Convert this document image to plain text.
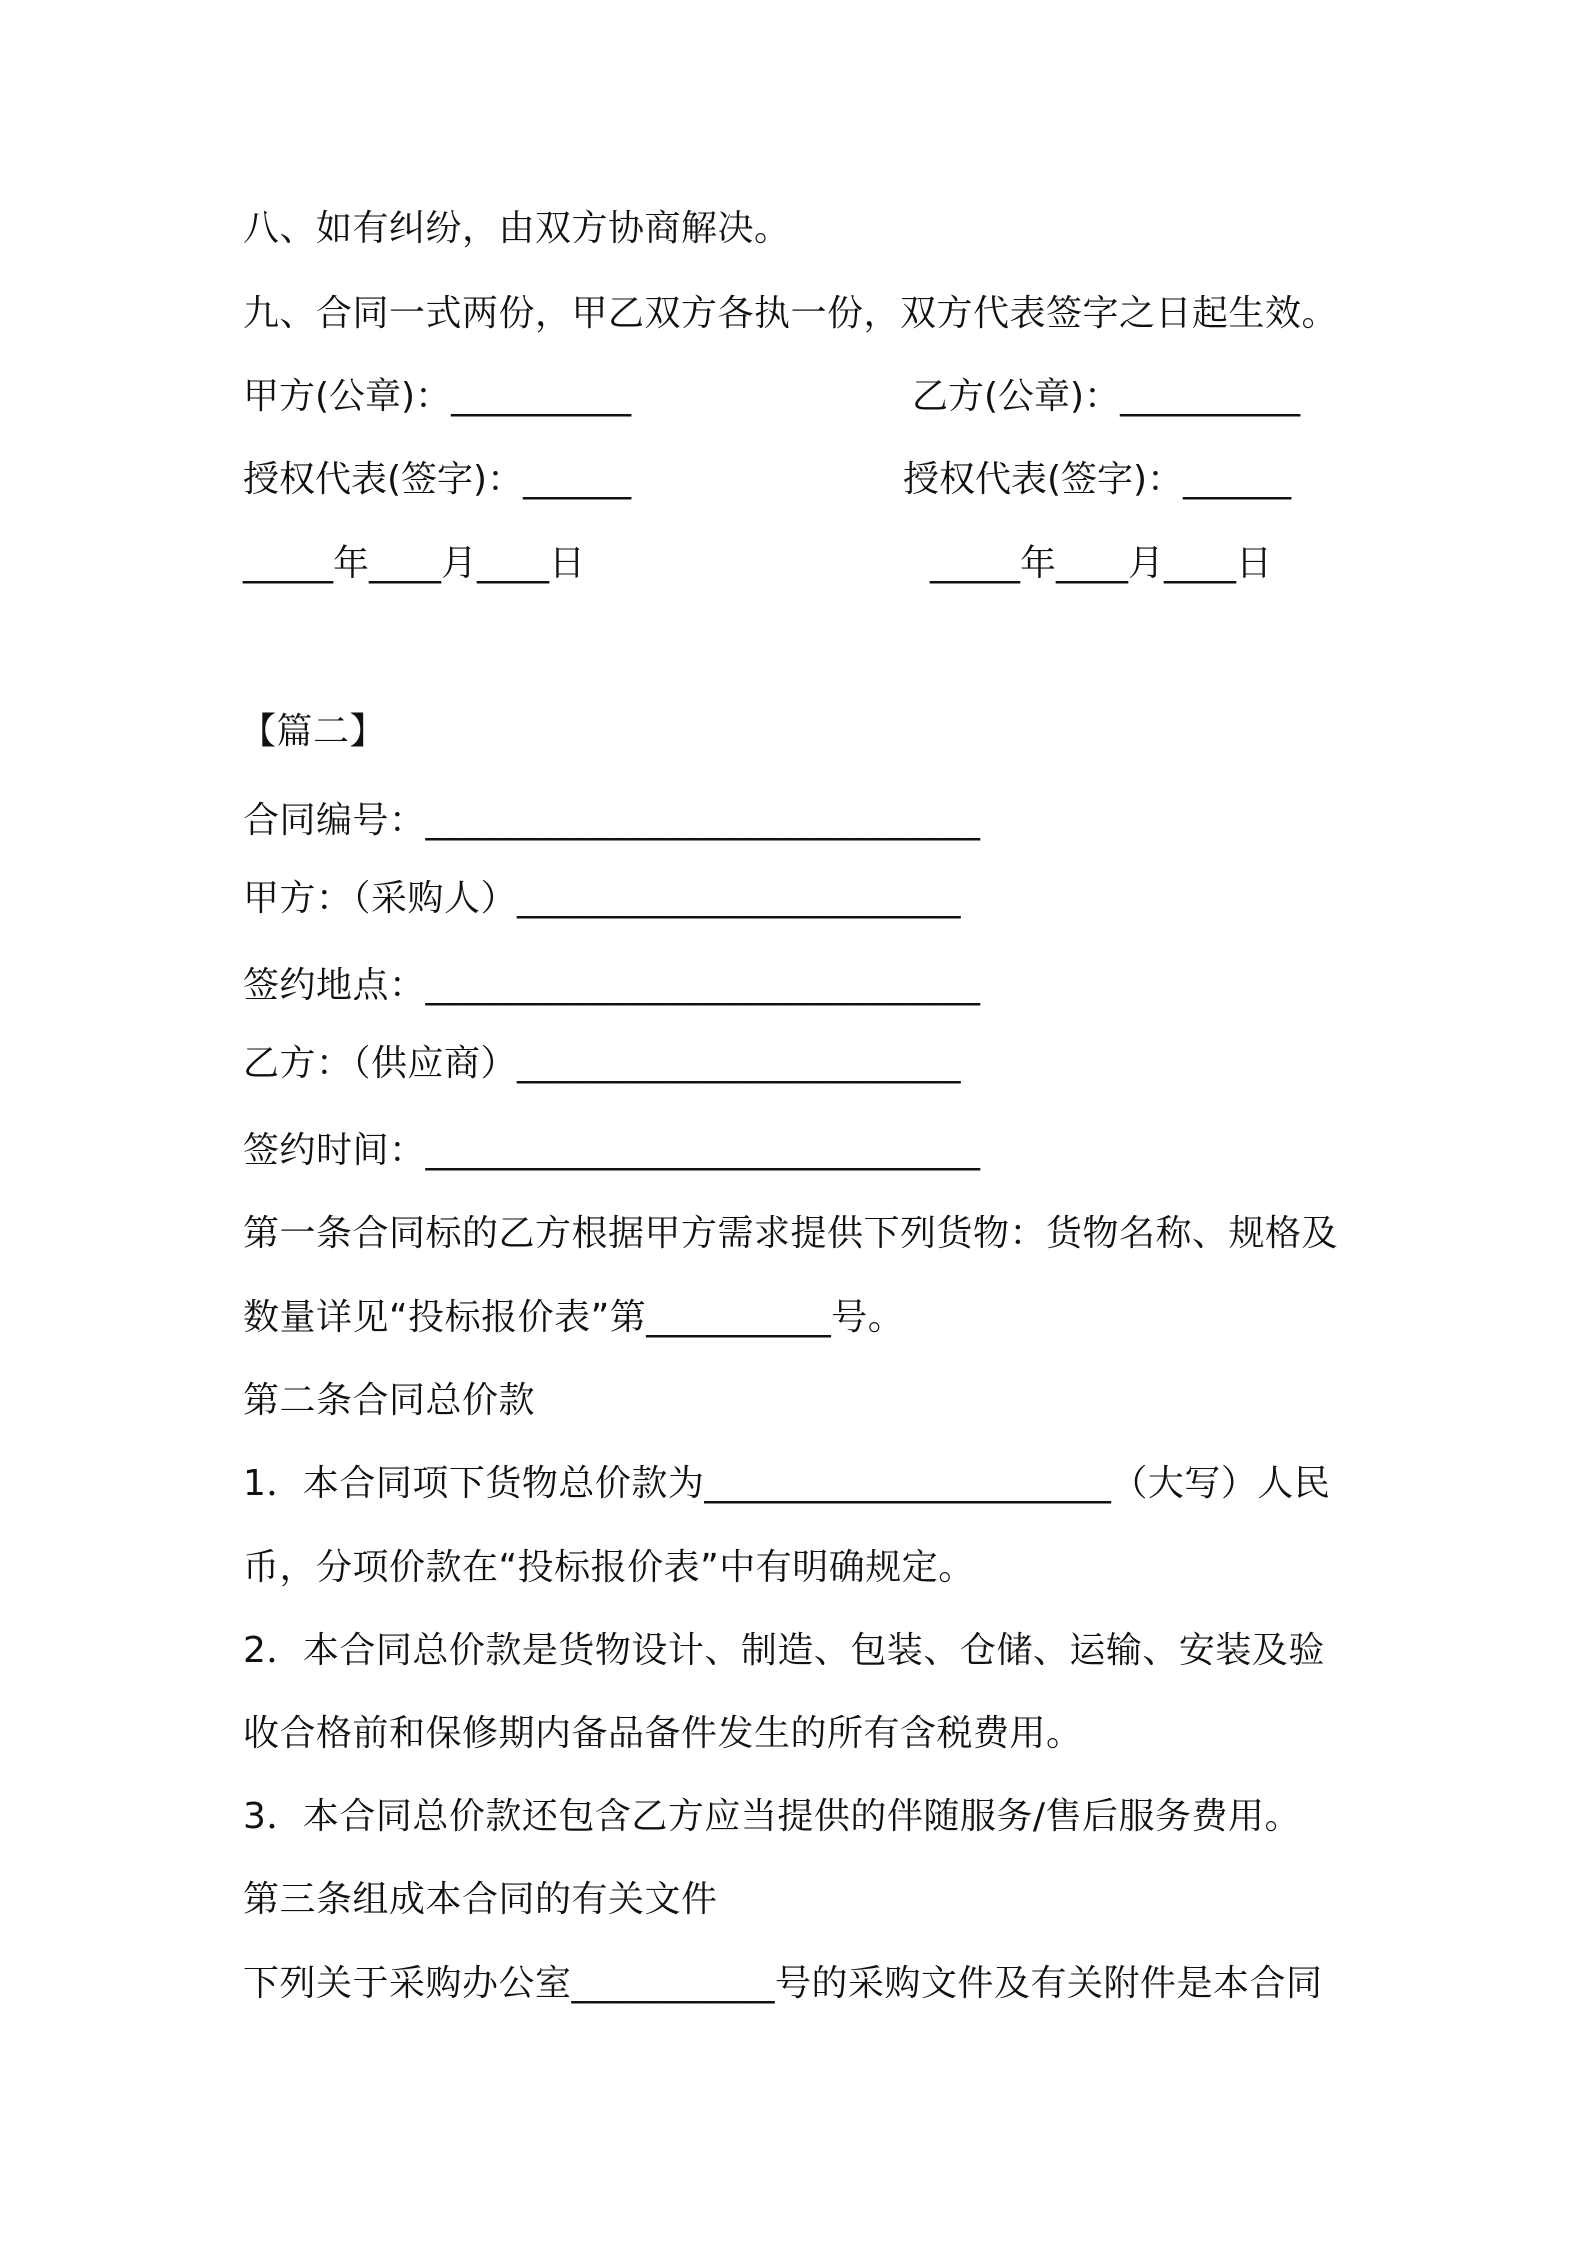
八、如有纠纷，由双方协商解决。
九、合同一式两份，甲乙双方各执一份，双方代表签字之日起生效。
甲方(公章)：__________	乙方(公章)：__________
授权代表(签字)：______	授权代表(签字)：______
_____年____月____日	_____年____月____日
【篇二】
合同编号：______________________________
甲方：（采购人）________________________
签约地点：______________________________
乙方：（供应商）________________________
签约时间：______________________________
第一条合同标的乙方根据甲方需求提供下列货物：货物名称、规格及
数量详见“投标报价表”第__________号。
第二条合同总价款
1．本合同项下货物总价款为______________________（大写）人民
币，分项价款在“投标报价表”中有明确规定。
2．本合同总价款是货物设计、制造、包装、仓储、运输、安装及验
收合格前和保修期内备品备件发生的所有含税费用。
3．本合同总价款还包含乙方应当提供的伴随服务/售后服务费用。
第三条组成本合同的有关文件
下列关于采购办公室___________号的采购文件及有关附件是本合同
